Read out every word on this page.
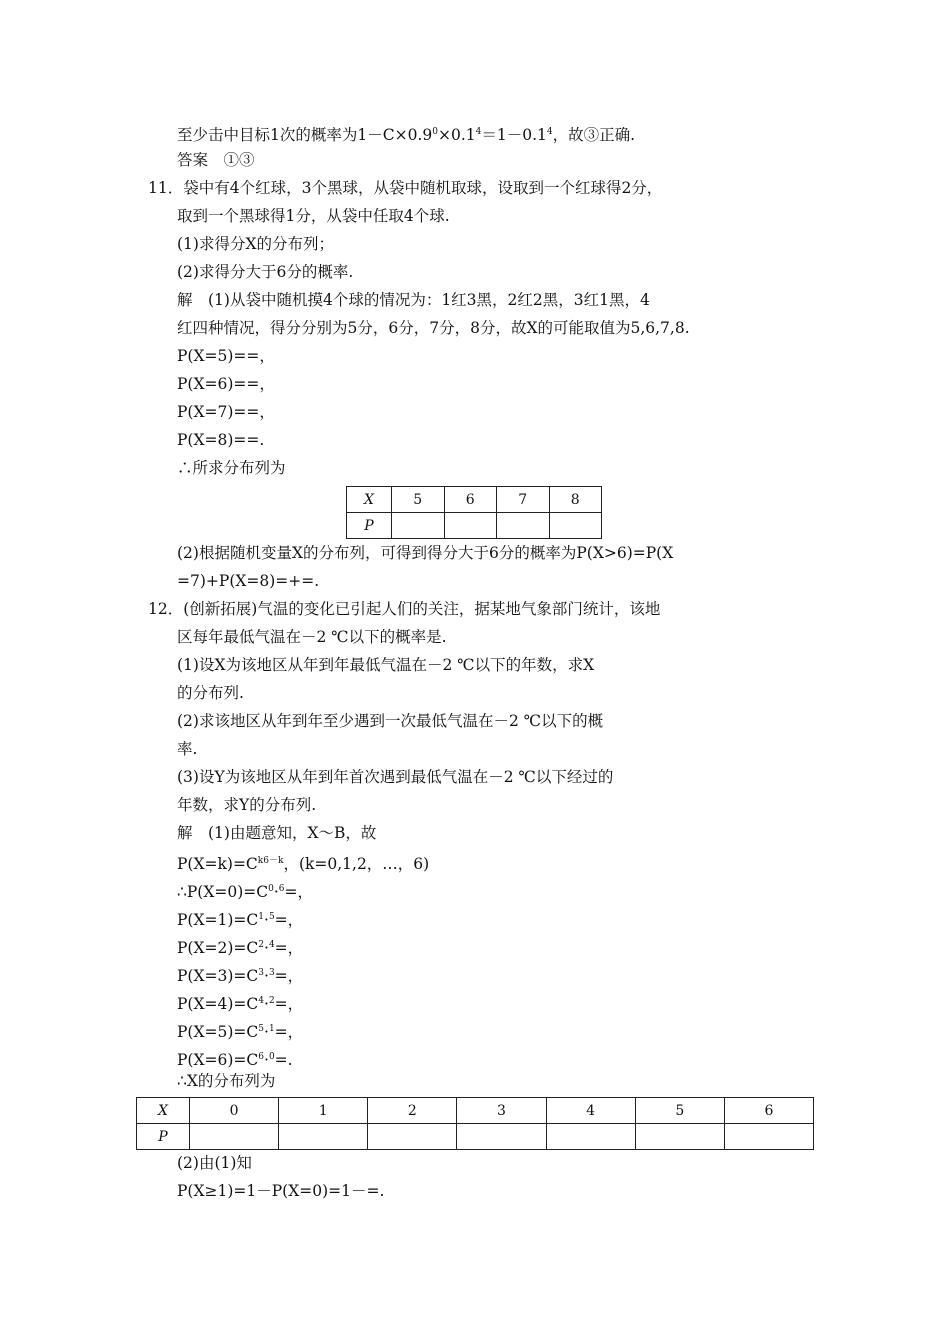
至少击中目标1次的概率为$1-C\times 0.9^0\times 0.1^4=1-0.1^4$，故③正确.
答案　①③
11．袋中有4个红球，3个黑球，从袋中随机取球，设取到一个红球得2分，
取到一个黑球得1分，从袋中任取4个球.
(1)求得分X的分布列；
(2)求得分大于6分的概率.
解　(1)从袋中随机摸4个球的情况为：1红3黑，2红2黑，3红1黑，4
红四种情况，得分分别为5分，6分，7分，8分，故X的可能取值为5,6,7,8.
P(X=5)==，
P(X=6)==，
P(X=7)==，
P(X=8)==.
∴所求分布列为
X	5	6	7	8
P				
(2)根据随机变量X的分布列，可得到得分大于6分的概率为P(X>6)=P(X
=7)+P(X=8)=+=.
12．(创新拓展)气温的变化已引起人们的关注，据某地气象部门统计，该地
区每年最低气温在－2 ℃以下的概率是.
(1)设X为该地区从年到年最低气温在－2 ℃以下的年数，求X
的分布列.
(2)求该地区从年到年至少遇到一次最低气温在－2 ℃以下的概
率.
(3)设Y为该地区从年到年首次遇到最低气温在－2 ℃以下经过的
年数，求Y的分布列.
解　(1)由题意知，X～B，故
$P(X=k)=C^{k6-k}$，(k=0,1,2，…，6)
$\therefore P(X=0)=C^0\cdot^6=$，
$P(X=1)=C^1\cdot^5=$，
$P(X=2)=C^2\cdot^4=$，
$P(X=3)=C^3\cdot^3=$，
$P(X=4)=C^4\cdot^2=$，
$P(X=5)=C^5\cdot^1=$，
$P(X=6)=C^6\cdot^0=$.
∴X的分布列为
X	0	1	2	3	4	5	6
P							
(2)由(1)知
P(X≥1)=1－P(X=0)=1－=.
